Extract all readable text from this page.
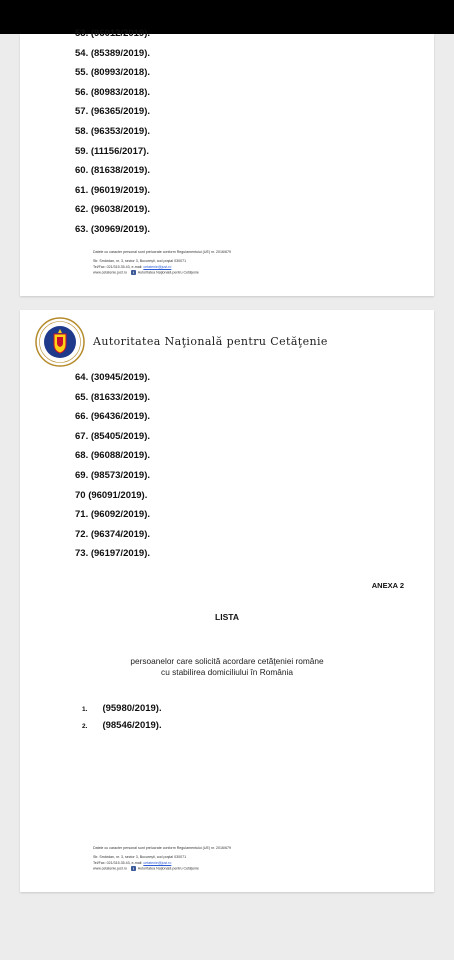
53. (96012/2019).
54. (85389/2019).
55. (80993/2018).
56. (80983/2018).
57. (96365/2019).
58. (96353/2019).
59. (11156/2017).
60. (81638/2019).
61. (96019/2019).
62. (96038/2019).
63. (30969/2019).
Datele cu caracter personal sunt prelucrate conform Regulamentului (UE) nr. 2016/679
Str. Smârdan, nr. 3, sector 3, Bucureşti, cod poştal 030071
Tel/Fax: 021/315.35.43, e-mail: cetatenie@just.ro
www.cetatenie.just.ro f Autoritatea Naţională pentru Cetăţenie
Autoritatea Naţională pentru Cetăţenie
64. (30945/2019).
65. (81633/2019).
66. (96436/2019).
67. (85405/2019).
68. (96088/2019).
69. (98573/2019).
70 (96091/2019).
71. (96092/2019).
72. (96374/2019).
73. (96197/2019).
ANEXA 2
LISTA
persoanelor care solicită acordare cetăţeniei române
cu stabilirea domiciliului în România
1. (95980/2019).
2. (98546/2019).
Datele cu caracter personal sunt prelucrate conform Regulamentului (UE) nr. 2016/679
Str. Smârdan, nr. 3, sector 3, Bucureşti, cod poştal 030071
Tel/Fax: 021/315.35.43, e-mail: cetatenie@just.ro
www.cetatenie.just.ro f Autoritatea Naţională pentru Cetăţenie
